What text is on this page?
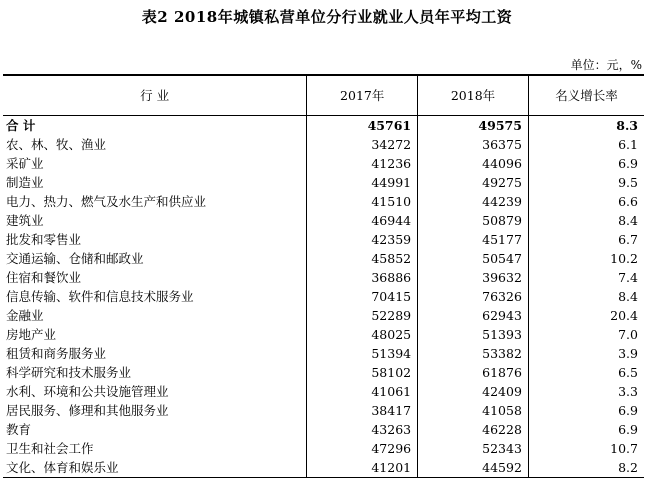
表2 2018年城镇私营单位分行业就业人员年平均工资
单位：元，%
行 业	2017年	2018年	名义增长率
合 计	45761	49575	8.3
农、林、牧、渔业	34272	36375	6.1
采矿业	41236	44096	6.9
制造业	44991	49275	9.5
电力、热力、燃气及水生产和供应业	41510	44239	6.6
建筑业	46944	50879	8.4
批发和零售业	42359	45177	6.7
交通运输、仓储和邮政业	45852	50547	10.2
住宿和餐饮业	36886	39632	7.4
信息传输、软件和信息技术服务业	70415	76326	8.4
金融业	52289	62943	20.4
房地产业	48025	51393	7.0
租赁和商务服务业	51394	53382	3.9
科学研究和技术服务业	58102	61876	6.5
水利、环境和公共设施管理业	41061	42409	3.3
居民服务、修理和其他服务业	38417	41058	6.9
教育	43263	46228	6.9
卫生和社会工作	47296	52343	10.7
文化、体育和娱乐业	41201	44592	8.2
